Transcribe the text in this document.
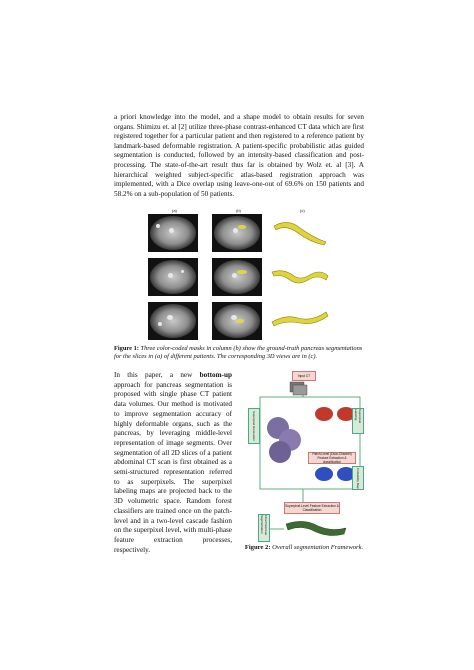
a priori knowledge into the model, and a shape model to obtain results for seven organs. Shimizu et. al [2] utilize three-phase contrast-enhanced CT data which are first registered together for a particular patient and then registered to a reference patient by landmark-based deformable registration. A patient-specific probabilistic atlas guided segmentation is conducted, followed by an intensity-based classification and post-processing. The state-of-the-art result thus far is obtained by Wolz et. al [3]. A hierarchical weighted subject-specific atlas-based registration approach was implemented, with a Dice overlap using leave-one-out of 69.6% on 150 patients and 58.2% on a sub-population of 50 patients.

(a)	(b)	(c)

Figure 1: Three color-coded masks in column (b) show the ground-truth pancreas segmentations for the slices in (a) of different patients. The corresponding 3D views are in (c).

In this paper, a new bottom-up approach for pancreas segmentation is proposed with single phase CT patient data volumes. Our method is motivated to improve segmentation accuracy of highly deformable organs, such as the pancreas, by leveraging middle-level representation of image segments. Over segmentation of all 2D slices of a patient abdominal CT scan is first obtained as a semi-structured representation referred to as superpixels. The superpixel labeling maps are projected back to the 3D volumetric space. Random forest classifiers are trained once on the patch-level and in a two-level cascade fashion on the superpixel level, with multi-phase feature extraction processes, respectively.

Input CT
Superpixel Generation	Superpixel Labeling
Probability Map
Patch-Level (Dual-Channel) Feature Extraction & classification
Superpixel-Level Feature Extraction & Classification
Final Pancreas Segmentation
Figure 2: Overall segmentation Framework.
